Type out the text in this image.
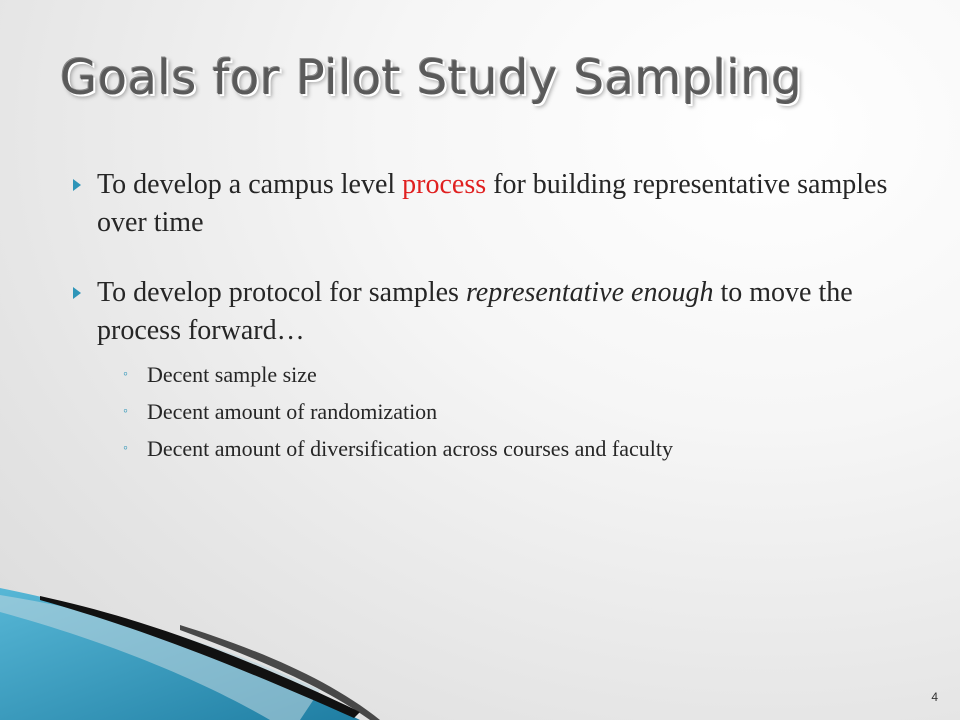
Goals for Pilot Study Sampling

To develop a campus level process for building representative samples over time

To develop protocol for samples representative enough to move the process forward…
◦ Decent sample size
◦ Decent amount of randomization
◦ Decent amount of diversification across courses and faculty
4
